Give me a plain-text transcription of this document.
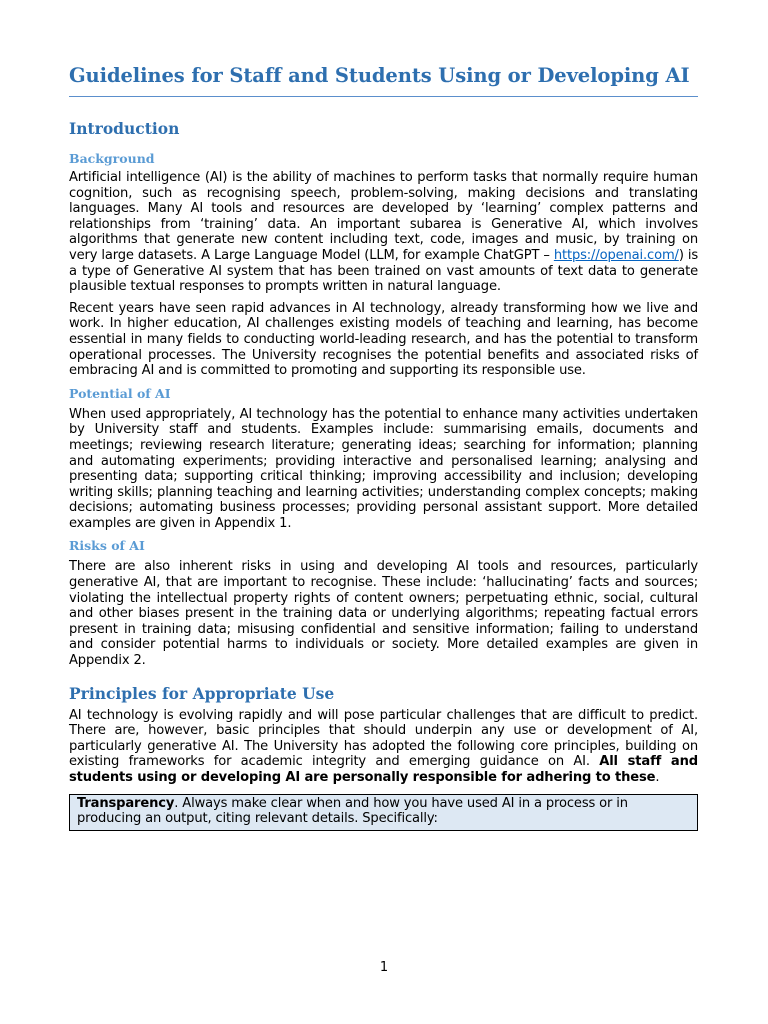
Guidelines for Staff and Students Using or Developing AI
Introduction
Background

Artificial intelligence (AI) is the ability of machines to perform tasks that normally require human cognition, such as recognising speech, problem-solving, making decisions and translating languages. Many AI tools and resources are developed by ‘learning’ complex patterns and relationships from ‘training’ data. An important subarea is Generative AI, which involves algorithms that generate new content including text, code, images and music, by training on very large datasets. A Large Language Model (LLM, for example ChatGPT – https://openai.com/) is a type of Generative AI system that has been trained on vast amounts of text data to generate plausible textual responses to prompts written in natural language.

Recent years have seen rapid advances in AI technology, already transforming how we live and work. In higher education, AI challenges existing models of teaching and learning, has become essential in many fields to conducting world-leading research, and has the potential to transform operational processes. The University recognises the potential benefits and associated risks of embracing AI and is committed to promoting and supporting its responsible use.

Potential of AI

When used appropriately, AI technology has the potential to enhance many activities undertaken by University staff and students. Examples include: summarising emails, documents and meetings; reviewing research literature; generating ideas; searching for information; planning and automating experiments; providing interactive and personalised learning; analysing and presenting data; supporting critical thinking; improving accessibility and inclusion; developing writing skills; planning teaching and learning activities; understanding complex concepts; making decisions; automating business processes; providing personal assistant support. More detailed examples are given in Appendix 1.

Risks of AI

There are also inherent risks in using and developing AI tools and resources, particularly generative AI, that are important to recognise. These include: ‘hallucinating’ facts and sources; violating the intellectual property rights of content owners; perpetuating ethnic, social, cultural and other biases present in the training data or underlying algorithms; repeating factual errors present in training data; misusing confidential and sensitive information; failing to understand and consider potential harms to individuals or society. More detailed examples are given in Appendix 2.

Principles for Appropriate Use

AI technology is evolving rapidly and will pose particular challenges that are difficult to predict. There are, however, basic principles that should underpin any use or development of AI, particularly generative AI. The University has adopted the following core principles, building on existing frameworks for academic integrity and emerging guidance on AI. All staff and students using or developing AI are personally responsible for adhering to these.

Transparency. Always make clear when and how you have used AI in a process or in producing an output, citing relevant details. Specifically:
1
